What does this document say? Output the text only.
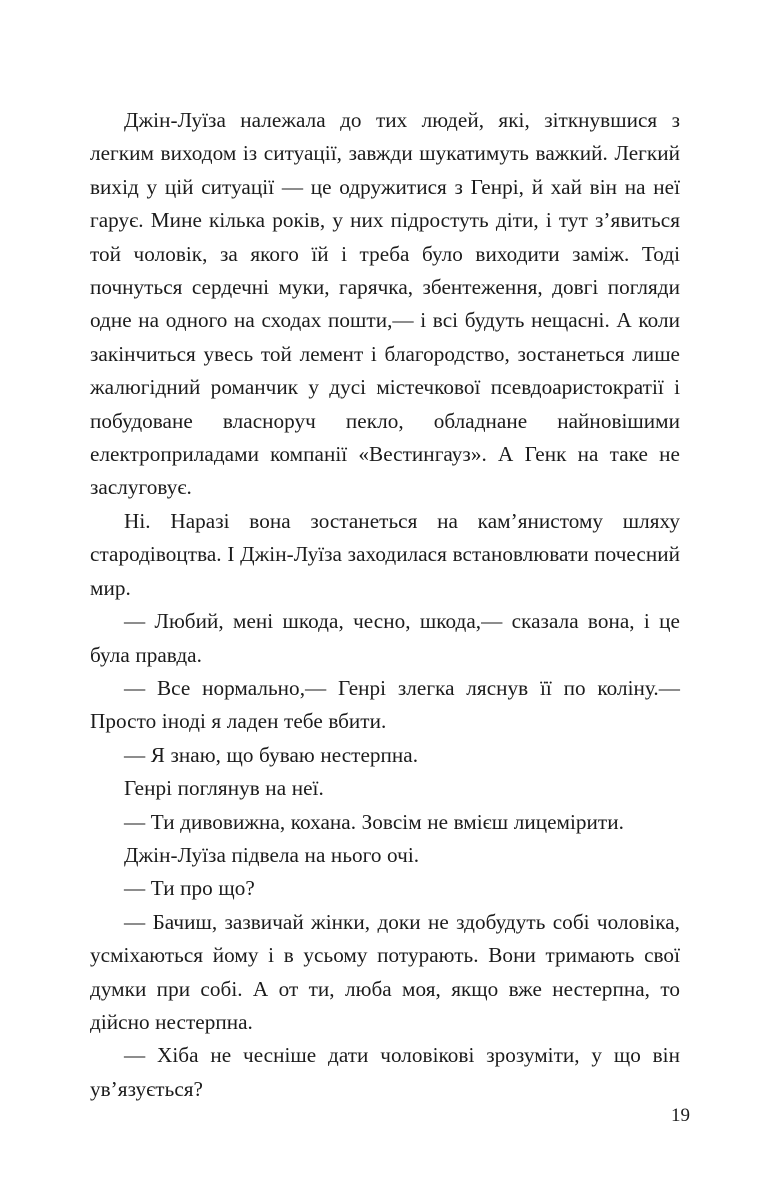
Джін-Луїза належала до тих людей, які, зіткнувшися з легким виходом із ситуації, завжди шукатимуть важкий. Легкий вихід у цій ситуації — це одружитися з Генрі, й хай він на неї гарує. Мине кілька років, у них підростуть діти, і тут з’явиться той чоловік, за якого їй і треба було виходити заміж. Тоді почнуться сердечні муки, гарячка, збентеження, довгі погляди одне на одного на сходах пошти,— і всі будуть нещасні. А коли закінчиться увесь той лемент і благородство, зостанеться лише жалюгідний романчик у дусі містечкової псевдоаристократії і побудоване власноруч пекло, обладнане найновішими електроприладами компанії «Вестингауз». А Генк на таке не заслуговує.

Ні. Наразі вона зостанеться на кам’янистому шляху стародівоцтва. І Джін-Луїза заходилася встановлювати почесний мир.

— Любий, мені шкода, чесно, шкода,— сказала вона, і це була правда.

— Все нормально,— Генрі злегка ляснув її по коліну.— Просто іноді я ладен тебе вбити.

— Я знаю, що буваю нестерпна.

Генрі поглянув на неї.

— Ти дивовижна, кохана. Зовсім не вмієш лицемірити.

Джін-Луїза підвела на нього очі.

— Ти про що?

— Бачиш, зазвичай жінки, доки не здобудуть собі чоловіка, усміхаються йому і в усьому потурають. Вони тримають свої думки при собі. А от ти, люба моя, якщо вже нестерпна, то дійсно нестерпна.

— Хіба не чесніше дати чоловікові зрозуміти, у що він ув’язується?

19
